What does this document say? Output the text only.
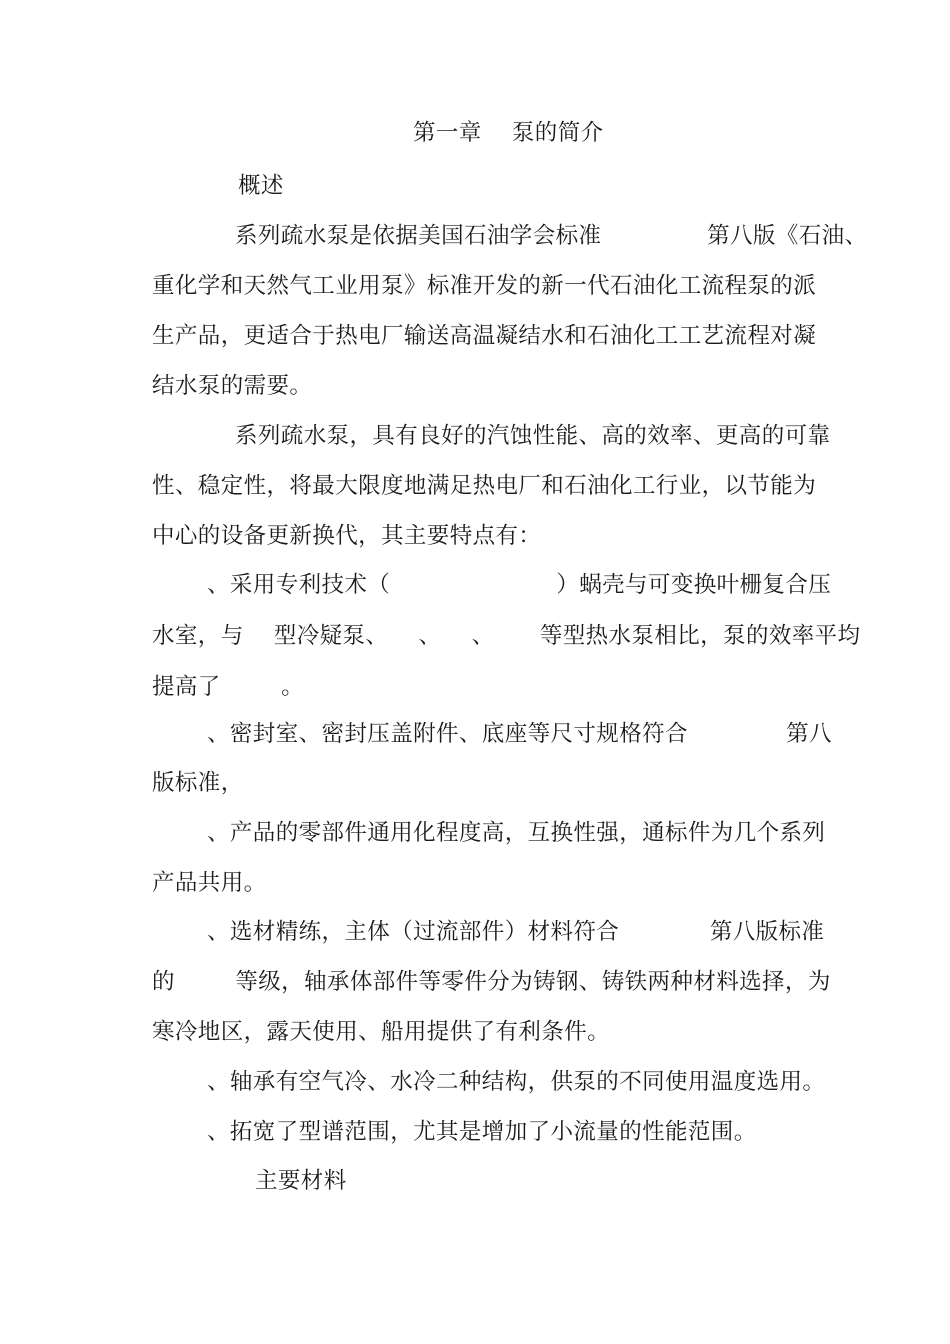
第一章    泵的简介
概述
系列疏水泵是依据美国石油学会标准              第八版《石油、
重化学和天然气工业用泵》标准开发的新一代石油化工流程泵的派
生产品，更适合于热电厂输送高温凝结水和石油化工工艺流程对凝
结水泵的需要。
系列疏水泵，具有良好的汽蚀性能、高的效率、更高的可靠
性、稳定性，将最大限度地满足热电厂和石油化工行业，以节能为
中心的设备更新换代，其主要特点有：
、采用专利技术（                      ）蜗壳与可变换叶栅复合压
水室，与    型冷疑泵、    、    、      等型热水泵相比，泵的效率平均
提高了        。
、密封室、密封压盖附件、底座等尺寸规格符合             第八
版标准，
、产品的零部件通用化程度高，互换性强，通标件为几个系列
产品共用。
、选材精练，主体（过流部件）材料符合            第八版标准
的        等级，轴承体部件等零件分为铸钢、铸铁两种材料选择，为
寒冷地区，露天使用、船用提供了有利条件。
、轴承有空气冷、水冷二种结构，供泵的不同使用温度选用。
、拓宽了型谱范围，尤其是增加了小流量的性能范围。
主要材料
